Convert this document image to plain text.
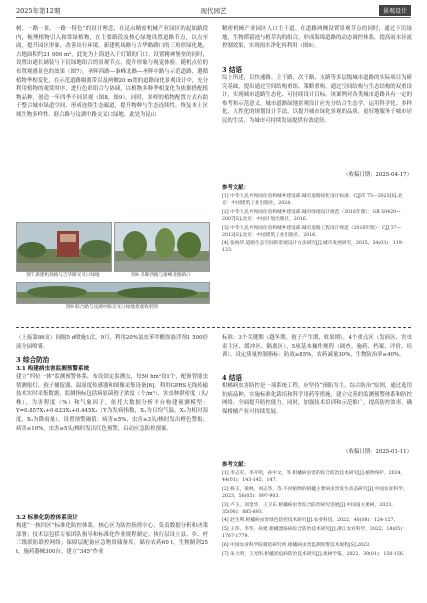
2025年第12期	现代园艺	景观设计
树、一路一景、一路一特色”的设计理念，在昆山精密机械产业园区的起始路段内，梳理植物引入和常绿植物，在主要路段及核心绿地设置道路节点，以点至面，提升园区形象，改善出行环境。新建机场路与吉华路路口的三角形绿化地，占地面积约21 000 m²，此处为上海进入千灯镇的门口。设置精神堡垒的同时，设置由通长铺装与下沉绿地组合的景观节点，提升形象与视觉体验，随机点位的布置观感景色的效果（图7）。圣晖西路—秦峰北路—圣晖中路与示范道路，遵循植物季相变化，在示范道路隔离带以及两侧20 m宽的道路绿化景观设计中，充分利用植物的观赏时序，进行色彩组合与协调，以植物多种季相变化为依据搭配植物品种，创造一年四季不同景观（图8，图9）。同时，多样的植物配置方式有助于整合城市绿道空间，形成连续生态廊道，提升物种与生态连续性，恢复本土区域生物多样性。联合路与汶湖中路交叉口绿地，此处为昆山
图7 新建机场路与吉华路交叉口绿地	图8 圣晖西路与秦峰北路路口
图9 联合路与汶湖中路交叉口绿地景观效果图
精密机械产业园区人口主干道。在道路两侧设置景观节点的同时，通过下沉绿地、生物滞留池与植草沟的组合，形成海绵道路的动态调控体系，提高雨水径流控制效果，实现雨水净化再利用（图9）。
3 结语
综上所述，以快速路、主干路、次干路、支路等多层级城市道路的实际项目为研究基础，提出通过空间结构重组、策略重构，通过空间结构与生态结构的双重设计，实现城市道路生态化、可持续设计目标。该案例对各类城市道路具有一定的参考和示范意义，城市道路绿地景观设计应充分结合生态学，运用科学化、多样化、人性化的规划设计手法，以提升城市绿化景观的品质，更好地服务于城市居民的生活，为城市可持续发展提供有效途径。
（收稿日期：2025-04-17）
参考文献：
[1] 中华人民共和国住房和城乡建设部.城市道路绿化设计标准：CJJ/T 75—2023[S].北京：中国建筑工业出版社，2024.
[2] 中华人民共和国住房和城乡建设部.城市绿地设计规范（2016年版）：GB 50420—2007[S].北京：中国计划出版社，2016.
[3] 中华人民共和国住房和城乡建设部.城市道路工程设计规范（2016年版）：CJJ 37—2012[S].北京：中国建筑工业出版社，2016.
[4] 张杨华.道路生态空间的景观设计方法研究[J].城市发展研究，2015，34(03)：119-123.
（上接第86页）间隔5 d喷施1次，9月，利用20%氯虫苯甲酰胺悬浮剂1 500倍液全园喷雾。
3 综合防治
3.1 构建病虫害监测预警系统
建立“四位一体”监测预警体系，布设固定监测点，每50 hm²设1个，配备智能虫情测报灯、孢子捕捉器、温湿度传感器和图像采集设备[6]。利用GPRS无线传输技术实时采集数据，监测指标包括病原菌孢子浓度（个/m³）、害虫种群密度（头/株）、为害程度（%）和气象因子。依托大数据分析平台构建预测模型：Y=0.857X₁+0.623X₂+0.445X₃（Y为发病指数，X₁为日均气温，X₂为相对湿度，X₃为降雨量）。设置预警阈值：病害≥5%，虫害≥3头/株时发出橙色警报；病害≥10%，虫害≥5头/株时发出红色预警，启动应急防控预案。
3.2 标准化防控体系设计
构建“一核四区”标准化防控体系。核心区为防控指挥中心，负责数据分析和决策部署；技术层包括专家团队指导和标准化作业规程制定；执行层设立县、乡、村三级联防联控网络；保障层配备应急物资储备库，储存农药60 t，生物制剂25 t，施药器械300台。建立“345”作业
标准：3个关键期（越冬期、孢子产生期、蛀果期），4个重点区（发病区、害虫寄主区、缓冲区、隔离区），5项基本操作规程（调查、施药、档案、评价、培训）。设定质量控制指标：防效≥85%，农药减量30%，生物防治率≥40%。
4 结语
柑橘病虫害防控是一项系统工程，应坚持“预防为主，综合防治”原则，通过选用抗病品种，实施标准化栽培和科学用药等措施，建立完善的监测预警体系和防控网络，全面提升防控能力。同时，加强技术培训和示范推广，提高防控效率，确保柑橘产业可持续发展。
（收稿日期：2025-01-11）
参考文献：
[1] 李志军，李开明，孙中文，等.柑橘病虫害的综合防治技术研究[J].植物保护，2024，44(01)：143-145，147.
[2] 杨玉，梁林，刘志华，等.不同植物的柑橘主要病虫害发生动态研究[J].中国农业科学，2023，56(05)：897-903.
[3] 卢玉，刘金华，王卫东.柑橘病虫害综合防治研究进展[J].中国南方果树，2023，35(06)：885-893.
[4] 赵生利.柑橘病虫害绿色防控技术研究[J].农业科技，2022，40(08)：124-127.
[5] 王伟，李华，孙建.柑橘溃疡病综合防治技术研究[J].浙江农业科学，2022，18(05)：1767-1779.
[6] 中国农业科学院柑桔研究所.柑橘病虫害监测预警技术规程[S].2023.
[7] 朱大明，王光明.柑橘炭疽病防治技术研究[J].果树学报，2022，39(01)：150-156.
